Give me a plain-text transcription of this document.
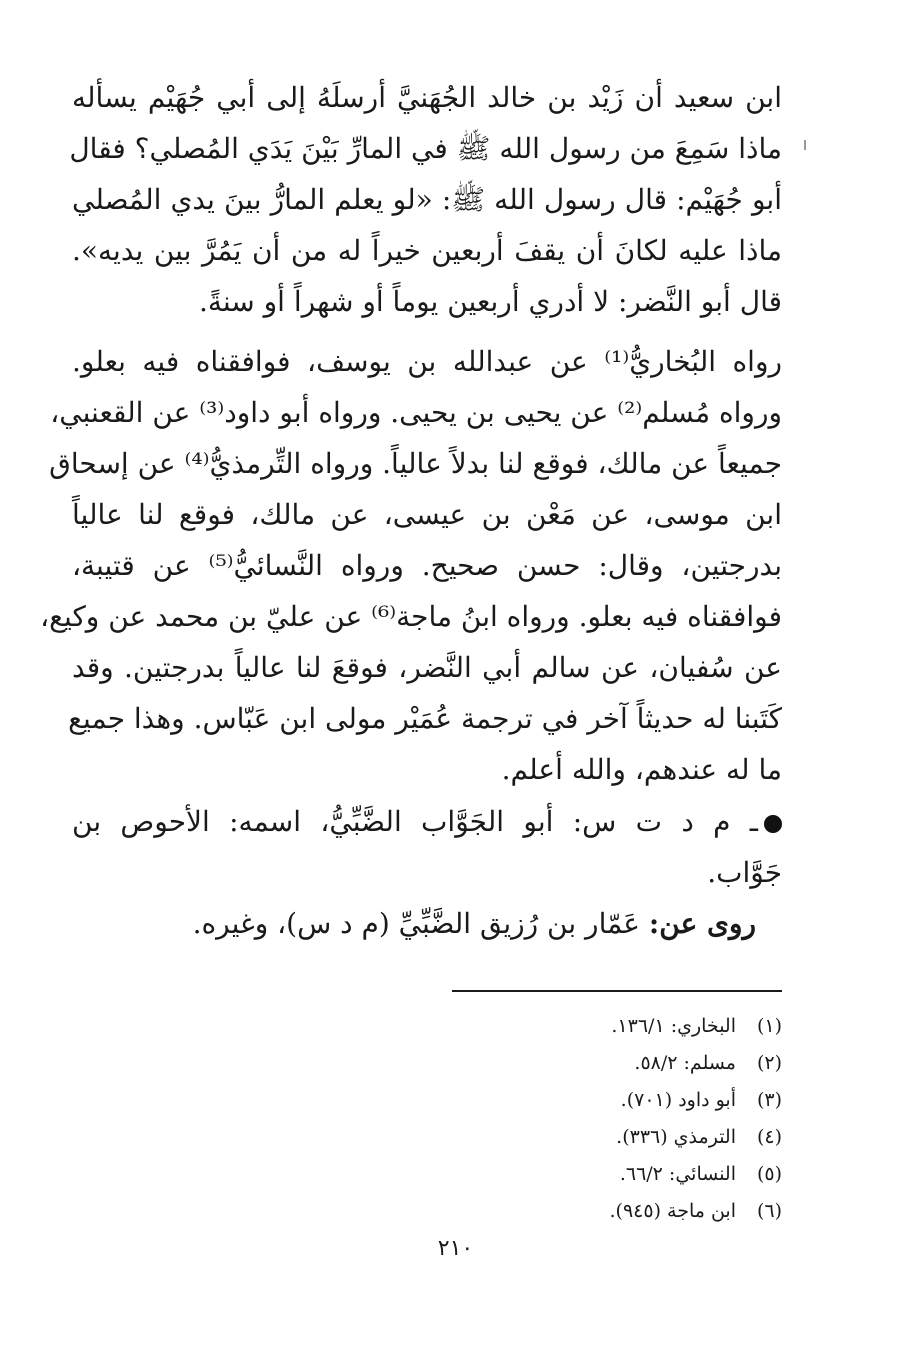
ابن سعيد أن زَيْد بن خالد الجُهَنيَّ أرسلَهُ إلى أبي جُهَيْم يسأله
ماذا سَمِعَ من رسول الله ﷺ في المارِّ بَيْنَ يَدَي المُصلي؟ فقال
أبو جُهَيْم: قال رسول الله ﷺ: «لو يعلم المارُّ بينَ يدي المُصلي
ماذا عليه لكانَ أن يقفَ أربعين خيراً له من أن يَمُرَّ بين يديه».
قال أبو النَّضر: لا أدري أربعين يوماً أو شهراً أو سنةً.
رواه البُخاريُّ⁽¹⁾ عن عبدالله بن يوسف، فوافقناه فيه بعلو.
ورواه مُسلم⁽²⁾ عن يحيى بن يحيى. ورواه أبو داود⁽³⁾ عن القعنبي،
جميعاً عن مالك، فوقع لنا بدلاً عالياً. ورواه التِّرمذيُّ⁽⁴⁾ عن إسحاق
ابن موسى، عن مَعْن بن عيسى، عن مالك، فوقع لنا عالياً
بدرجتين، وقال: حسن صحيح. ورواه النَّسائيُّ⁽⁵⁾ عن قتيبة،
فوافقناه فيه بعلو. ورواه ابنُ ماجة⁽⁶⁾ عن عليّ بن محمد عن وكيع،
عن سُفيان، عن سالم أبي النَّضر، فوقعَ لنا عالياً بدرجتين. وقد
كَتَبنا له حديثاً آخر في ترجمة عُمَيْر مولى ابن عَبّاس. وهذا جميع
ما له عندهم، والله أعلم.
ـ م د ت س: أبو الجَوَّاب الضَّبِّيُّ، اسمه: الأحوص بن
جَوَّاب.
روى عن: عَمّار بن رُزيق الضَّبِّيِّ (م د س)، وغيره.
(١)البخاري: ١٣٦/١.
(٢)مسلم: ٥٨/٢.
(٣)أبو داود (٧٠١).
(٤)الترمذي (٣٣٦).
(٥)النسائي: ٦٦/٢.
(٦)ابن ماجة (٩٤٥).
٢١٠
